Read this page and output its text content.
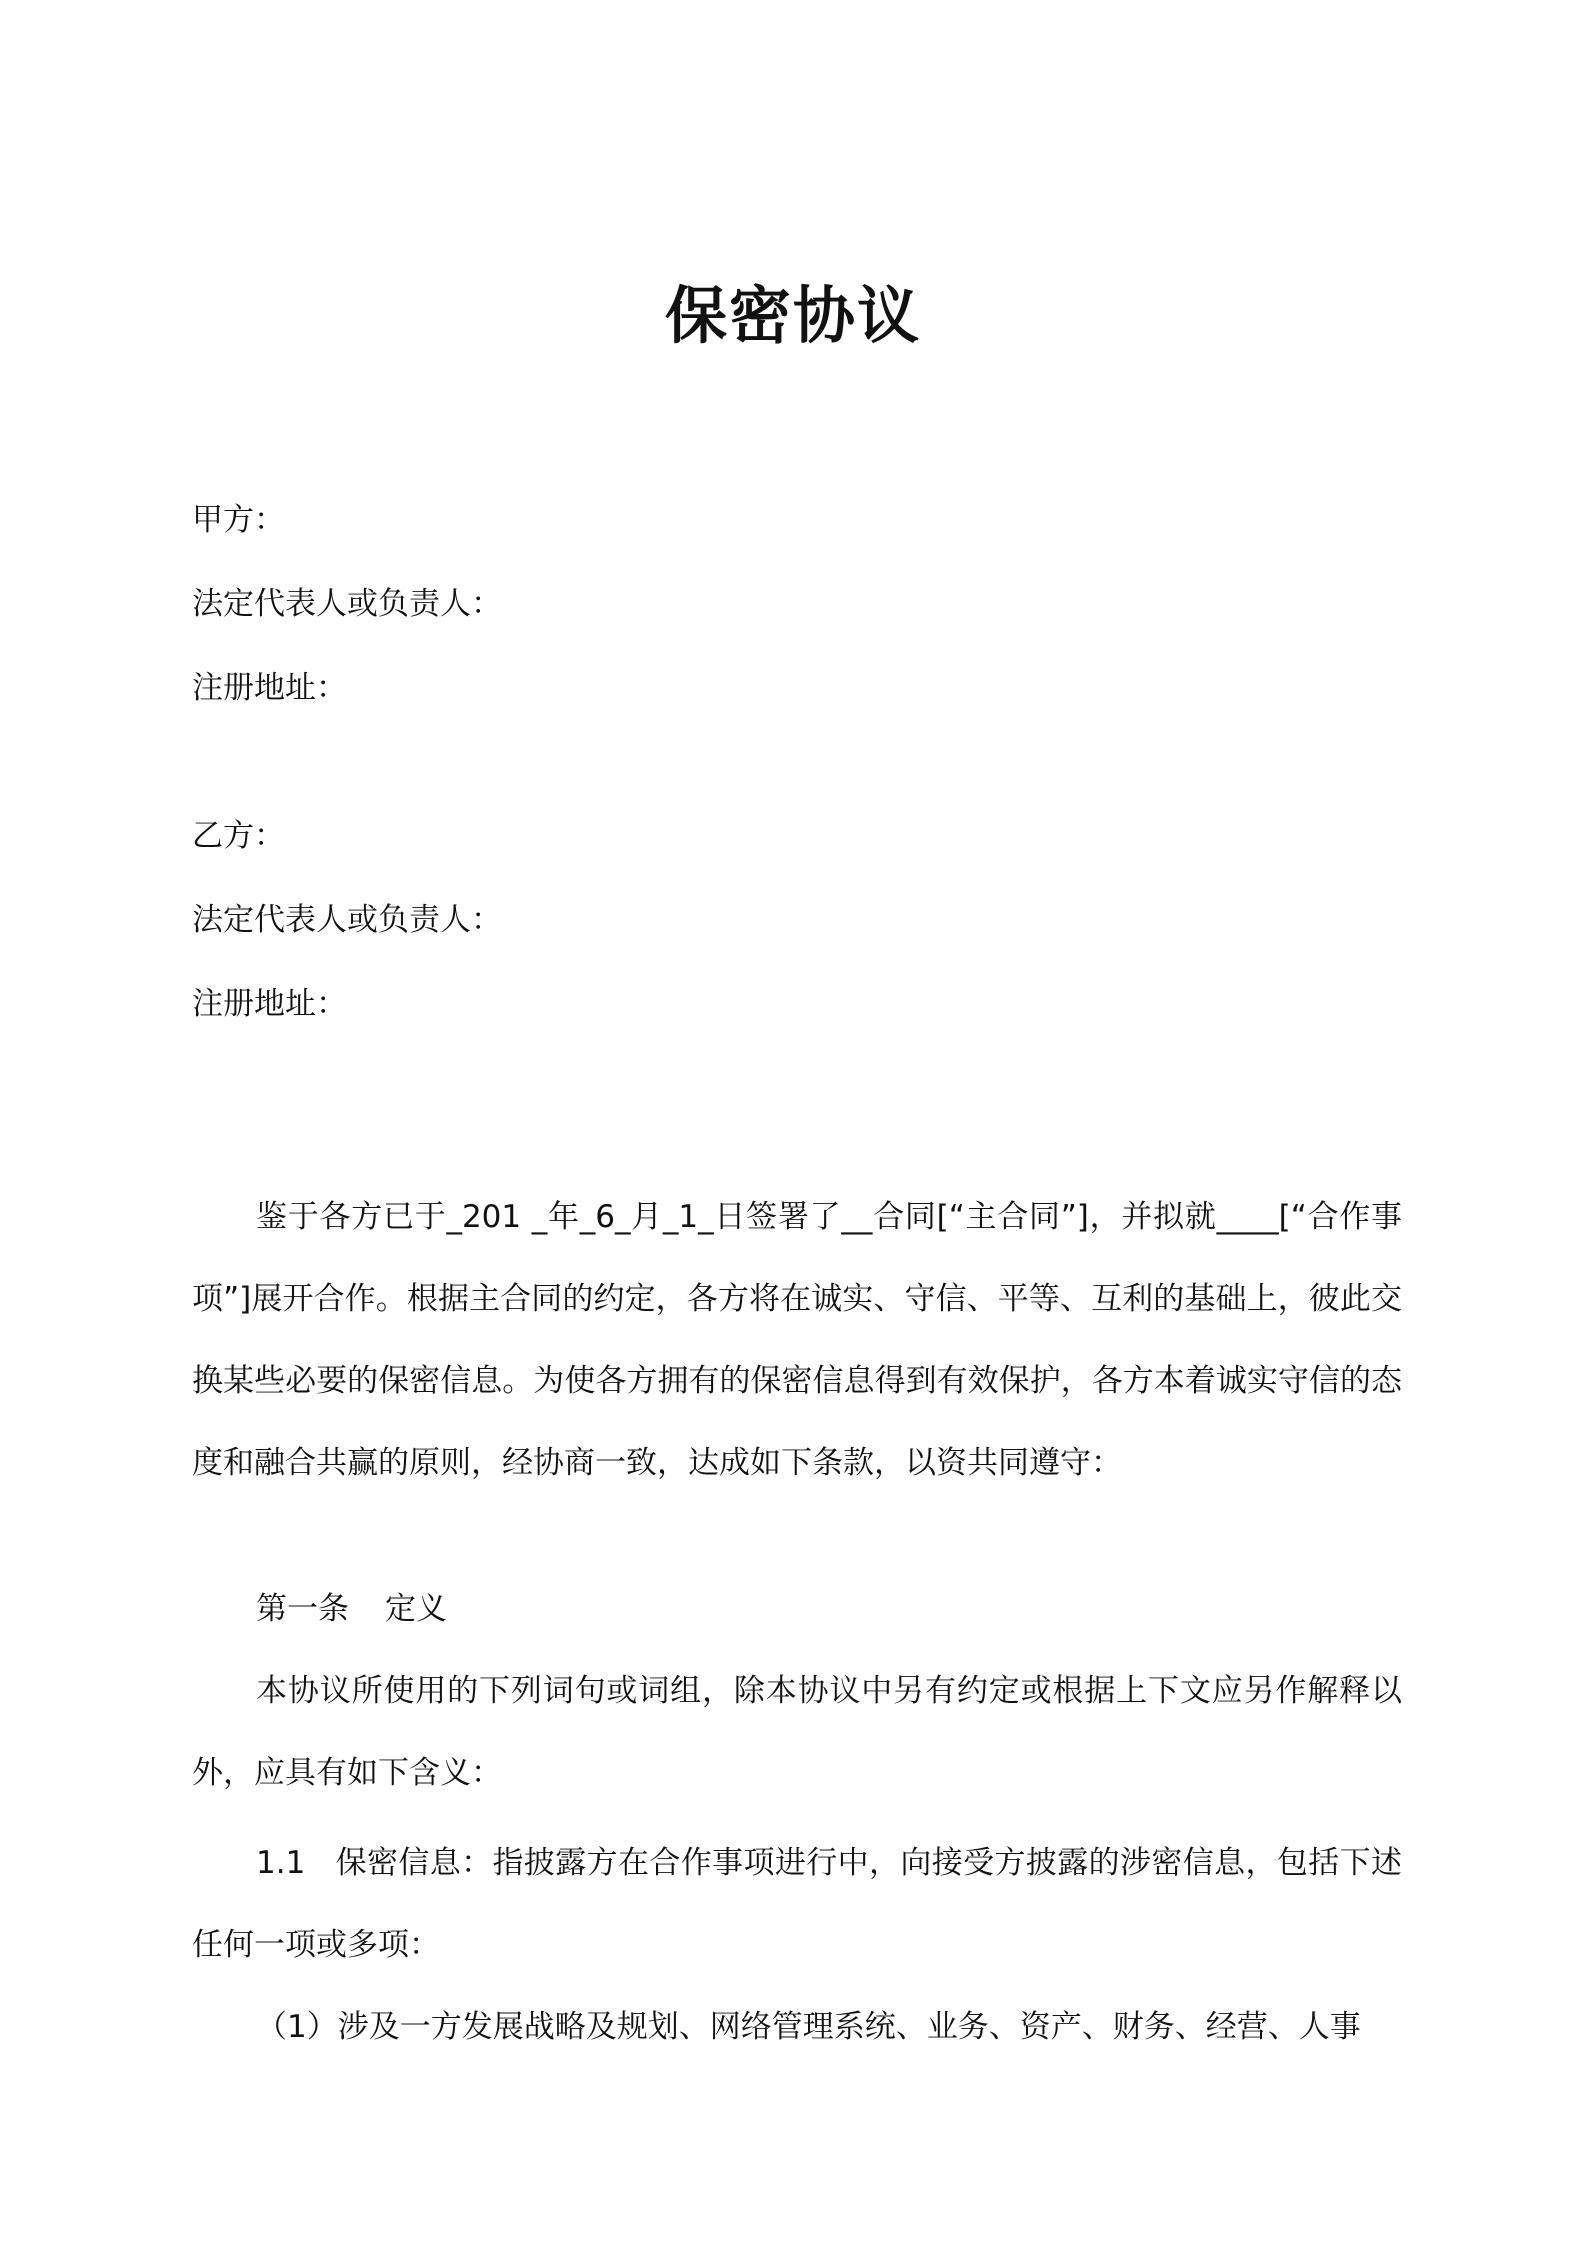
保密协议
甲方：
法定代表人或负责人：
注册地址：
乙方：
法定代表人或负责人：
注册地址：
鉴于各方已于_201 _年_6_月_1_日签署了__合同[“主合同”]，并拟就____[“合作事项”]展开合作。根据主合同的约定，各方将在诚实、守信、平等、互利的基础上，彼此交换某些必要的保密信息。为使各方拥有的保密信息得到有效保护，各方本着诚实守信的态度和融合共赢的原则，经协商一致，达成如下条款，以资共同遵守：
第一条 定义
本协议所使用的下列词句或词组，除本协议中另有约定或根据上下文应另作解释以外，应具有如下含义：
1.1 保密信息：指披露方在合作事项进行中，向接受方披露的涉密信息，包括下述任何一项或多项：
（1）涉及一方发展战略及规划、网络管理系统、业务、资产、财务、经营、人事
